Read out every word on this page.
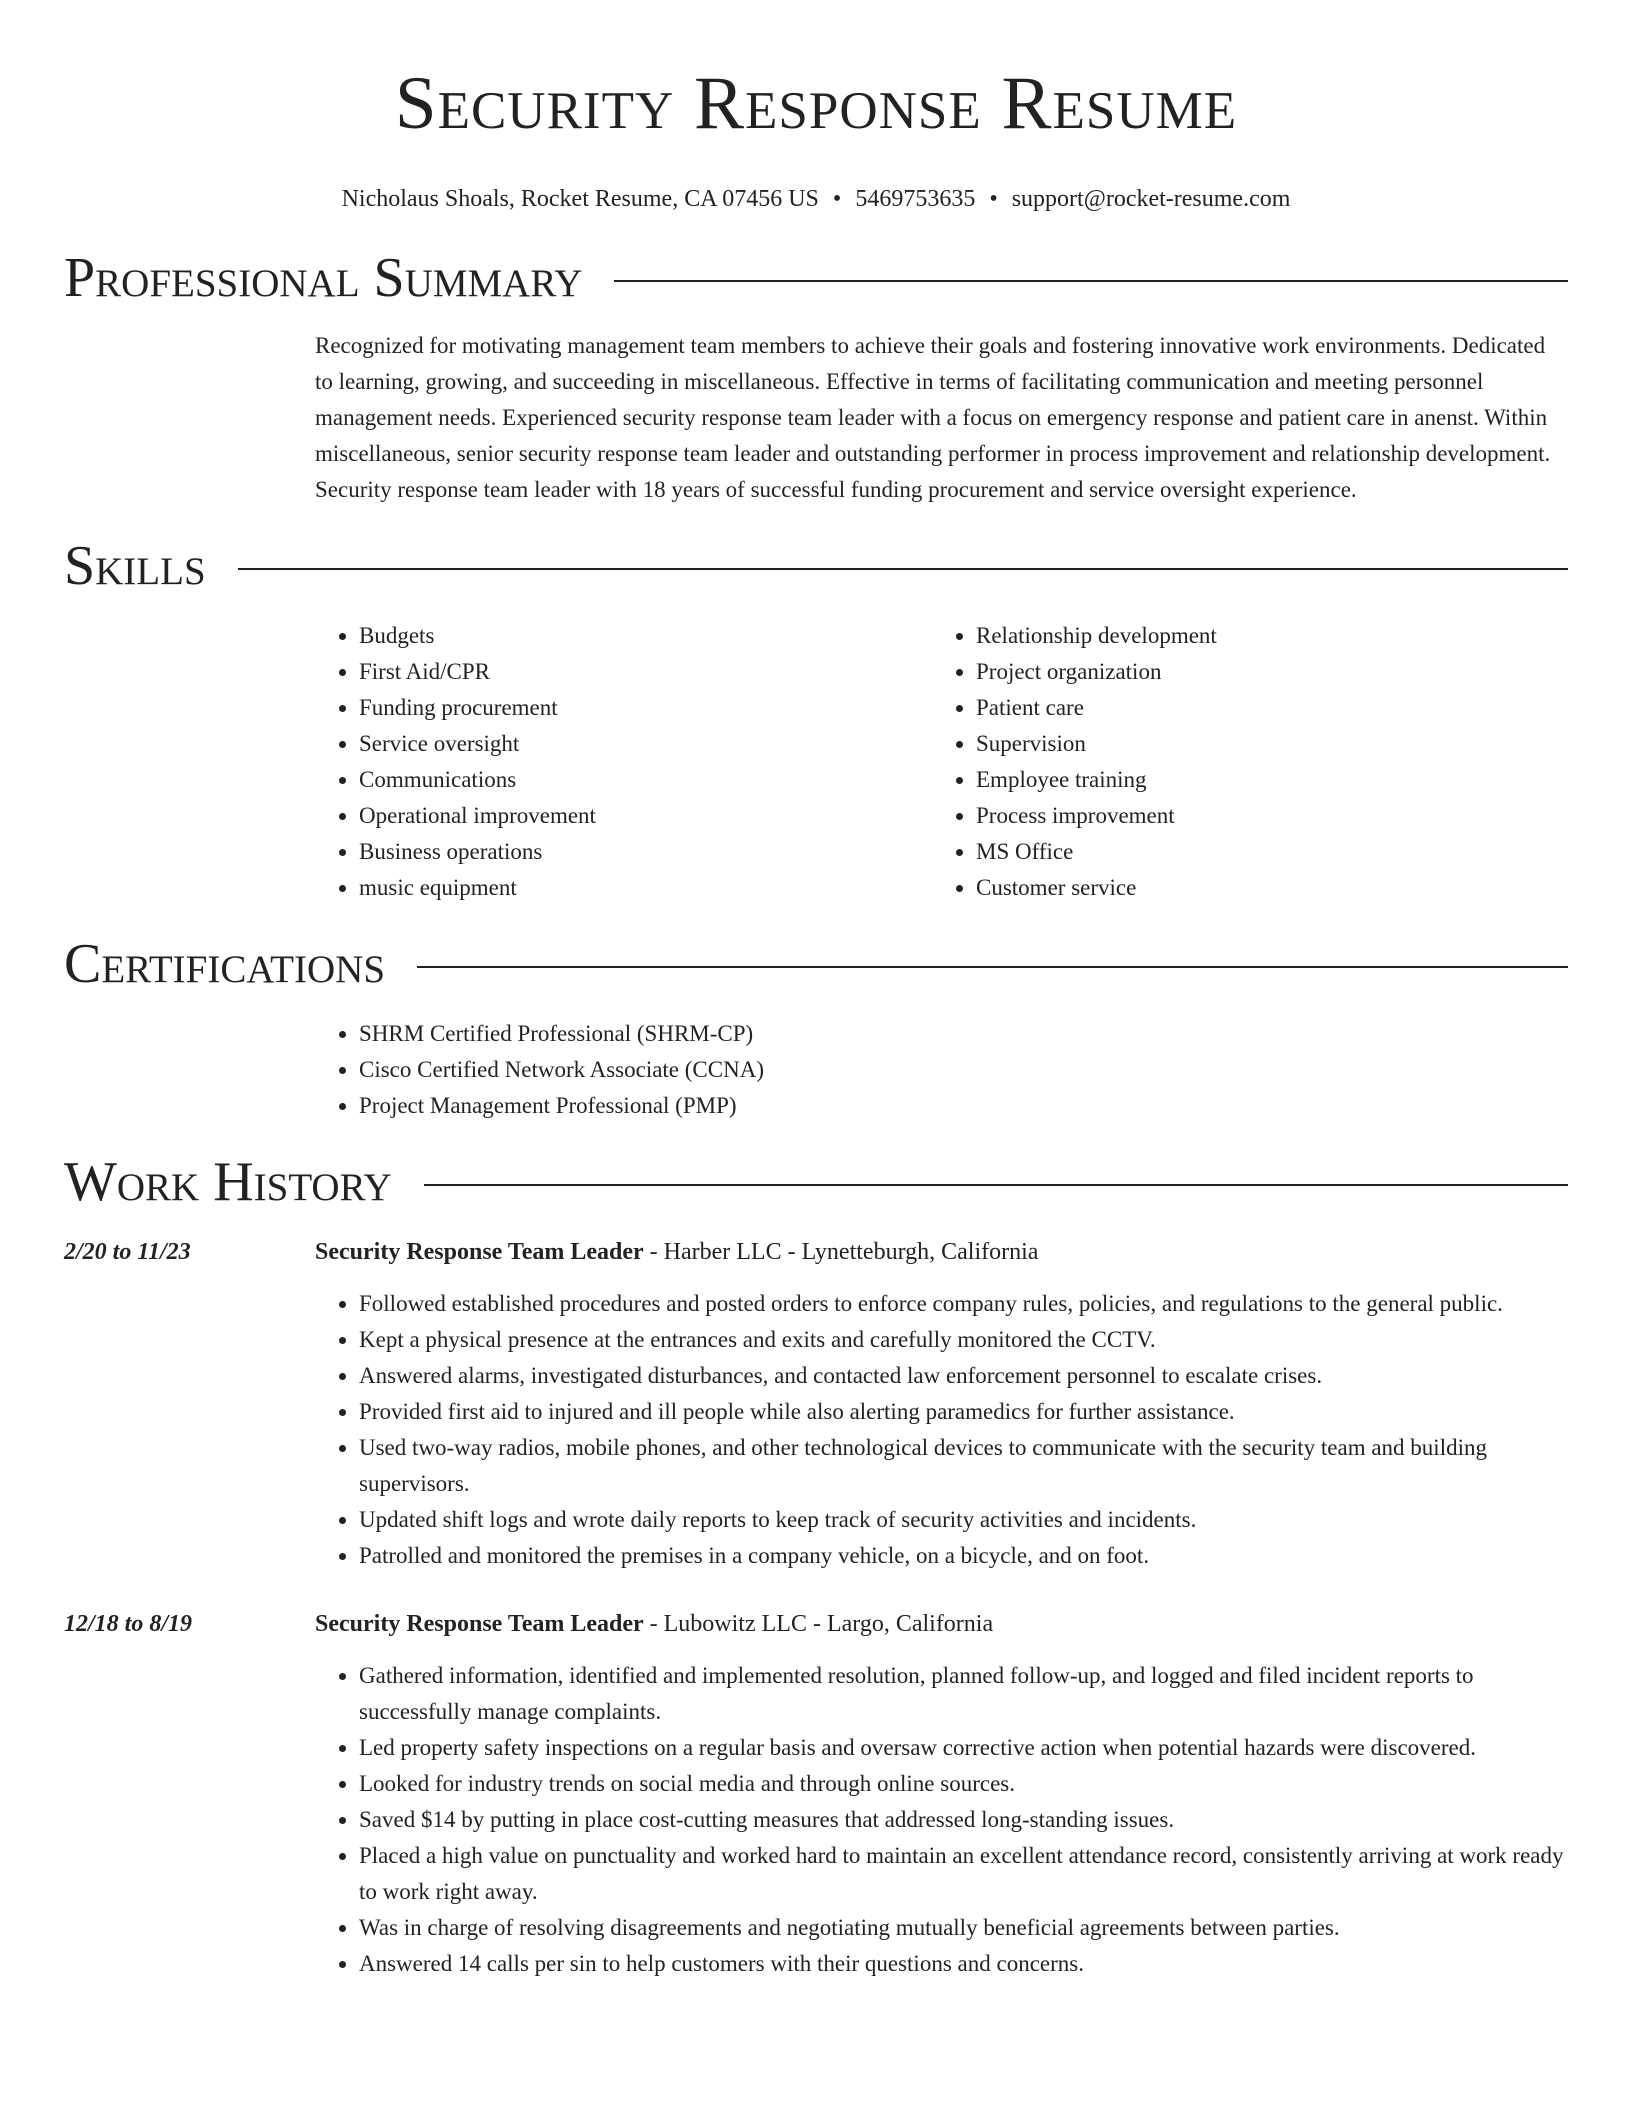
Security Response Resume
Nicholaus Shoals, Rocket Resume, CA 07456 US • 5469753635 • support@rocket-resume.com
Professional Summary

Recognized for motivating management team members to achieve their goals and fostering innovative work environments. Dedicated to learning, growing, and succeeding in miscellaneous. Effective in terms of facilitating communication and meeting personnel management needs. Experienced security response team leader with a focus on emergency response and patient care in anenst. Within miscellaneous, senior security response team leader and outstanding performer in process improvement and relationship development. Security response team leader with 18 years of successful funding procurement and service oversight experience.

Skills
• Budgets
• First Aid/CPR
• Funding procurement
• Service oversight
• Communications
• Operational improvement
• Business operations
• music equipment
• Relationship development
• Project organization
• Patient care
• Supervision
• Employee training
• Process improvement
• MS Office
• Customer service
Certifications
• SHRM Certified Professional (SHRM-CP)
• Cisco Certified Network Associate (CCNA)
• Project Management Professional (PMP)
Work History
2/20 to 11/23	Security Response Team Leader - Harber LLC - Lynetteburgh, California
• Followed established procedures and posted orders to enforce company rules, policies, and regulations to the general public.
• Kept a physical presence at the entrances and exits and carefully monitored the CCTV.
• Answered alarms, investigated disturbances, and contacted law enforcement personnel to escalate crises.
• Provided first aid to injured and ill people while also alerting paramedics for further assistance.
• Used two-way radios, mobile phones, and other technological devices to communicate with the security team and building supervisors.
• Updated shift logs and wrote daily reports to keep track of security activities and incidents.
• Patrolled and monitored the premises in a company vehicle, on a bicycle, and on foot.
12/18 to 8/19	Security Response Team Leader - Lubowitz LLC - Largo, California
• Gathered information, identified and implemented resolution, planned follow-up, and logged and filed incident reports to successfully manage complaints.
• Led property safety inspections on a regular basis and oversaw corrective action when potential hazards were discovered.
• Looked for industry trends on social media and through online sources.
• Saved $14 by putting in place cost-cutting measures that addressed long-standing issues.
• Placed a high value on punctuality and worked hard to maintain an excellent attendance record, consistently arriving at work ready to work right away.
• Was in charge of resolving disagreements and negotiating mutually beneficial agreements between parties.
• Answered 14 calls per sin to help customers with their questions and concerns.
